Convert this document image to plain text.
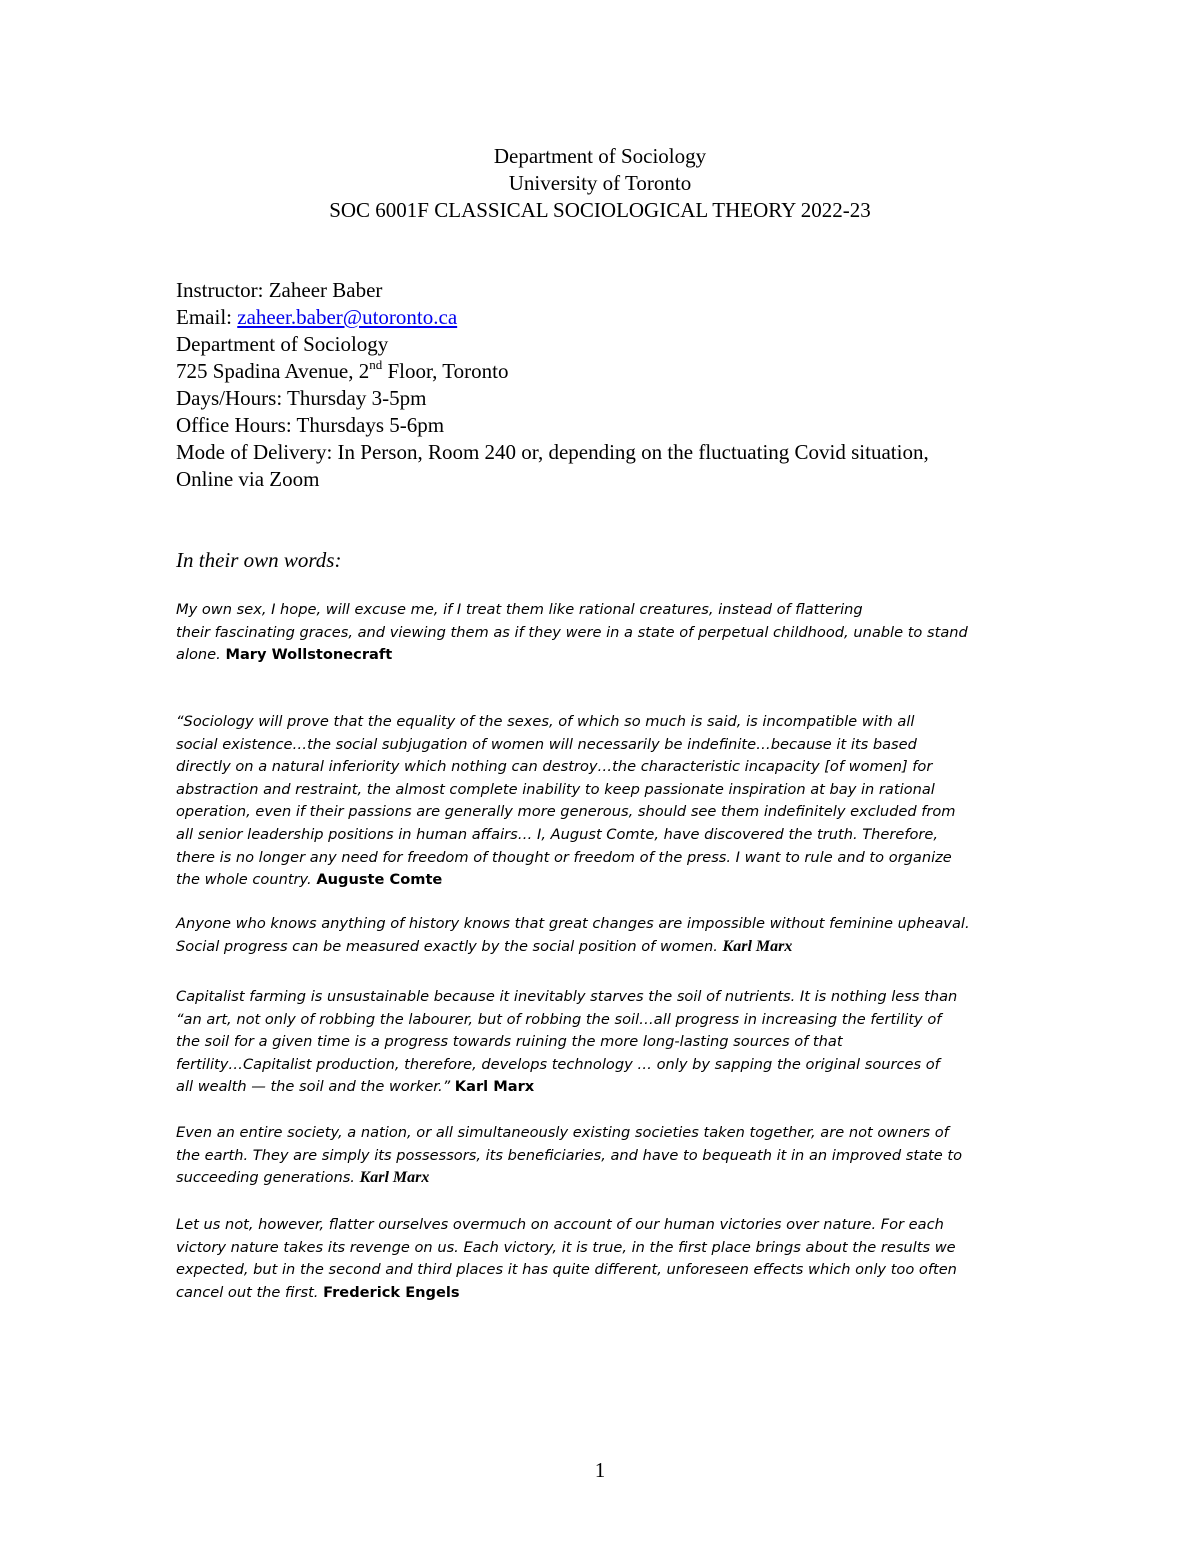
Department of Sociology
University of Toronto
SOC 6001F CLASSICAL SOCIOLOGICAL THEORY 2022-23
Instructor: Zaheer Baber
Email: zaheer.baber@utoronto.ca
Department of Sociology
725 Spadina Avenue, 2nd Floor, Toronto
Days/Hours: Thursday 3-5pm
Office Hours: Thursdays 5-6pm
Mode of Delivery: In Person, Room 240 or, depending on the fluctuating Covid situation,
Online via Zoom
In their own words:
My own sex, I hope, will excuse me, if I treat them like rational creatures, instead of flattering
their fascinating graces, and viewing them as if they were in a state of perpetual childhood, unable to stand
alone. Mary Wollstonecraft
“Sociology will prove that the equality of the sexes, of which so much is said, is incompatible with all
social existence…the social subjugation of women will necessarily be indefinite…because it its based
directly on a natural inferiority which nothing can destroy…the characteristic incapacity [of women] for
abstraction and restraint, the almost complete inability to keep passionate inspiration at bay in rational
operation, even if their passions are generally more generous, should see them indefinitely excluded from
all senior leadership positions in human affairs… I, August Comte, have discovered the truth. Therefore,
there is no longer any need for freedom of thought or freedom of the press. I want to rule and to organize
the whole country. Auguste Comte
Anyone who knows anything of history knows that great changes are impossible without feminine upheaval.
Social progress can be measured exactly by the social position of women. Karl Marx
Capitalist farming is unsustainable because it inevitably starves the soil of nutrients. It is nothing less than
“an art, not only of robbing the labourer, but of robbing the soil…all progress in increasing the fertility of
the soil for a given time is a progress towards ruining the more long-lasting sources of that
fertility…Capitalist production, therefore, develops technology … only by sapping the original sources of
all wealth — the soil and the worker.” Karl Marx
Even an entire society, a nation, or all simultaneously existing societies taken together, are not owners of
the earth. They are simply its possessors, its beneficiaries, and have to bequeath it in an improved state to
succeeding generations. Karl Marx
Let us not, however, flatter ourselves overmuch on account of our human victories over nature. For each
victory nature takes its revenge on us. Each victory, it is true, in the first place brings about the results we
expected, but in the second and third places it has quite different, unforeseen effects which only too often
cancel out the first. Frederick Engels
1
